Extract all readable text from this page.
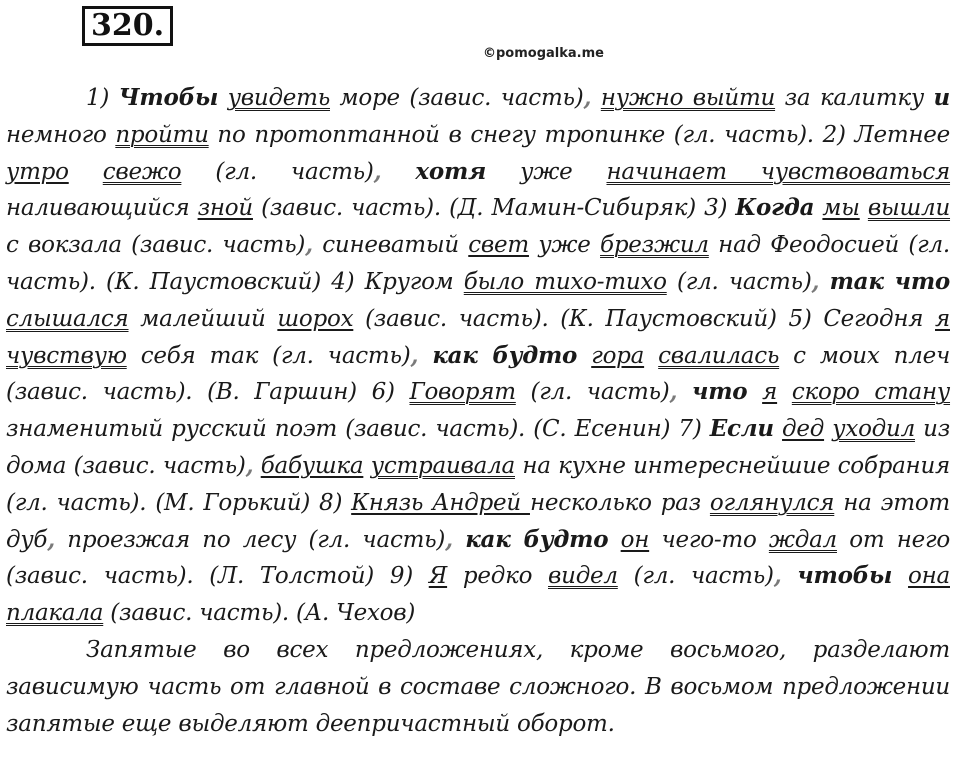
320.
©pomogalka.me

1) Чтобы увидеть море (завис. часть), нужно выйти за калитку и немного пройти по протоптанной в снегу тропинке (гл. часть). 2) Летнее утро свежо (гл. часть), хотя уже начинает чувствоваться наливающийся зной (завис. часть). (Д. Мамин-Сибиряк) 3) Когда мы вышли с вокзала (завис. часть), синеватый свет уже брезжил над Феодосией (гл. часть). (К. Паустовский) 4) Кругом было тихо-тихо (гл. часть), так что слышался малейший шорох (завис. часть). (К. Паустовский) 5) Сегодня я чувствую себя так (гл. часть), как будто гора свалилась с моих плеч (завис. часть). (В. Гаршин) 6) Говорят (гл. часть), что я скоро стану знаменитый русский поэт (завис. часть). (С. Есенин) 7) Если дед уходил из дома (завис. часть), бабушка устраивала на кухне интереснейшие собрания (гл. часть). (М. Горький) 8) Князь Андрей несколько раз оглянулся на этот дуб, проезжая по лесу (гл. часть), как будто он чего-то ждал от него (завис. часть). (Л. Толстой) 9) Я редко видел (гл. часть), чтобы она плакала (завис. часть). (А. Чехов)

Запятые во всех предложениях, кроме восьмого, разделают зависимую часть от главной в составе сложного. В восьмом предложении запятые еще выделяют деепричастный оборот.
